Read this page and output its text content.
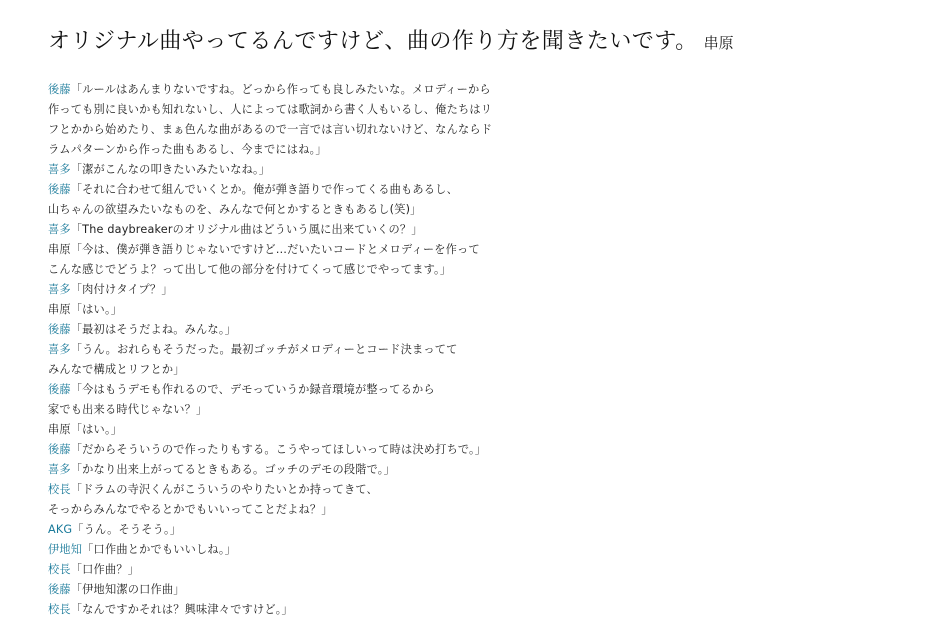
オリジナル曲やってるんですけど、曲の作り方を聞きたいです。 串原
後藤「ルールはあんまりないですね。どっから作っても良しみたいな。メロディーから
作っても別に良いかも知れないし、人によっては歌詞から書く人もいるし、俺たちはリ
フとかから始めたり、まぁ色んな曲があるので一言では言い切れないけど、なんならド
ラムパターンから作った曲もあるし、今までにはね。」
喜多「潔がこんなの叩きたいみたいなね。」
後藤「それに合わせて組んでいくとか。俺が弾き語りで作ってくる曲もあるし、
山ちゃんの欲望みたいなものを、みんなで何とかするときもあるし(笑)」
喜多「The daybreakerのオリジナル曲はどういう風に出来ていくの？」
串原「今は、僕が弾き語りじゃないですけど…だいたいコードとメロディーを作って
こんな感じでどうよ？って出して他の部分を付けてくって感じでやってます。」
喜多「肉付けタイプ？」
串原「はい。」
後藤「最初はそうだよね。みんな。」
喜多「うん。おれらもそうだった。最初ゴッチがメロディーとコード決まってて
みんなで構成とリフとか」
後藤「今はもうデモも作れるので、デモっていうか録音環境が整ってるから
家でも出来る時代じゃない？」
串原「はい。」
後藤「だからそういうので作ったりもする。こうやってほしいって時は決め打ちで。」
喜多「かなり出来上がってるときもある。ゴッチのデモの段階で。」
校長「ドラムの寺沢くんがこういうのやりたいとか持ってきて、
そっからみんなでやるとかでもいいってことだよね？」
AKG「うん。そうそう。」
伊地知「口作曲とかでもいいしね。」
校長「口作曲？」
後藤「伊地知潔の口作曲」
校長「なんですかそれは？興味津々ですけど。」
